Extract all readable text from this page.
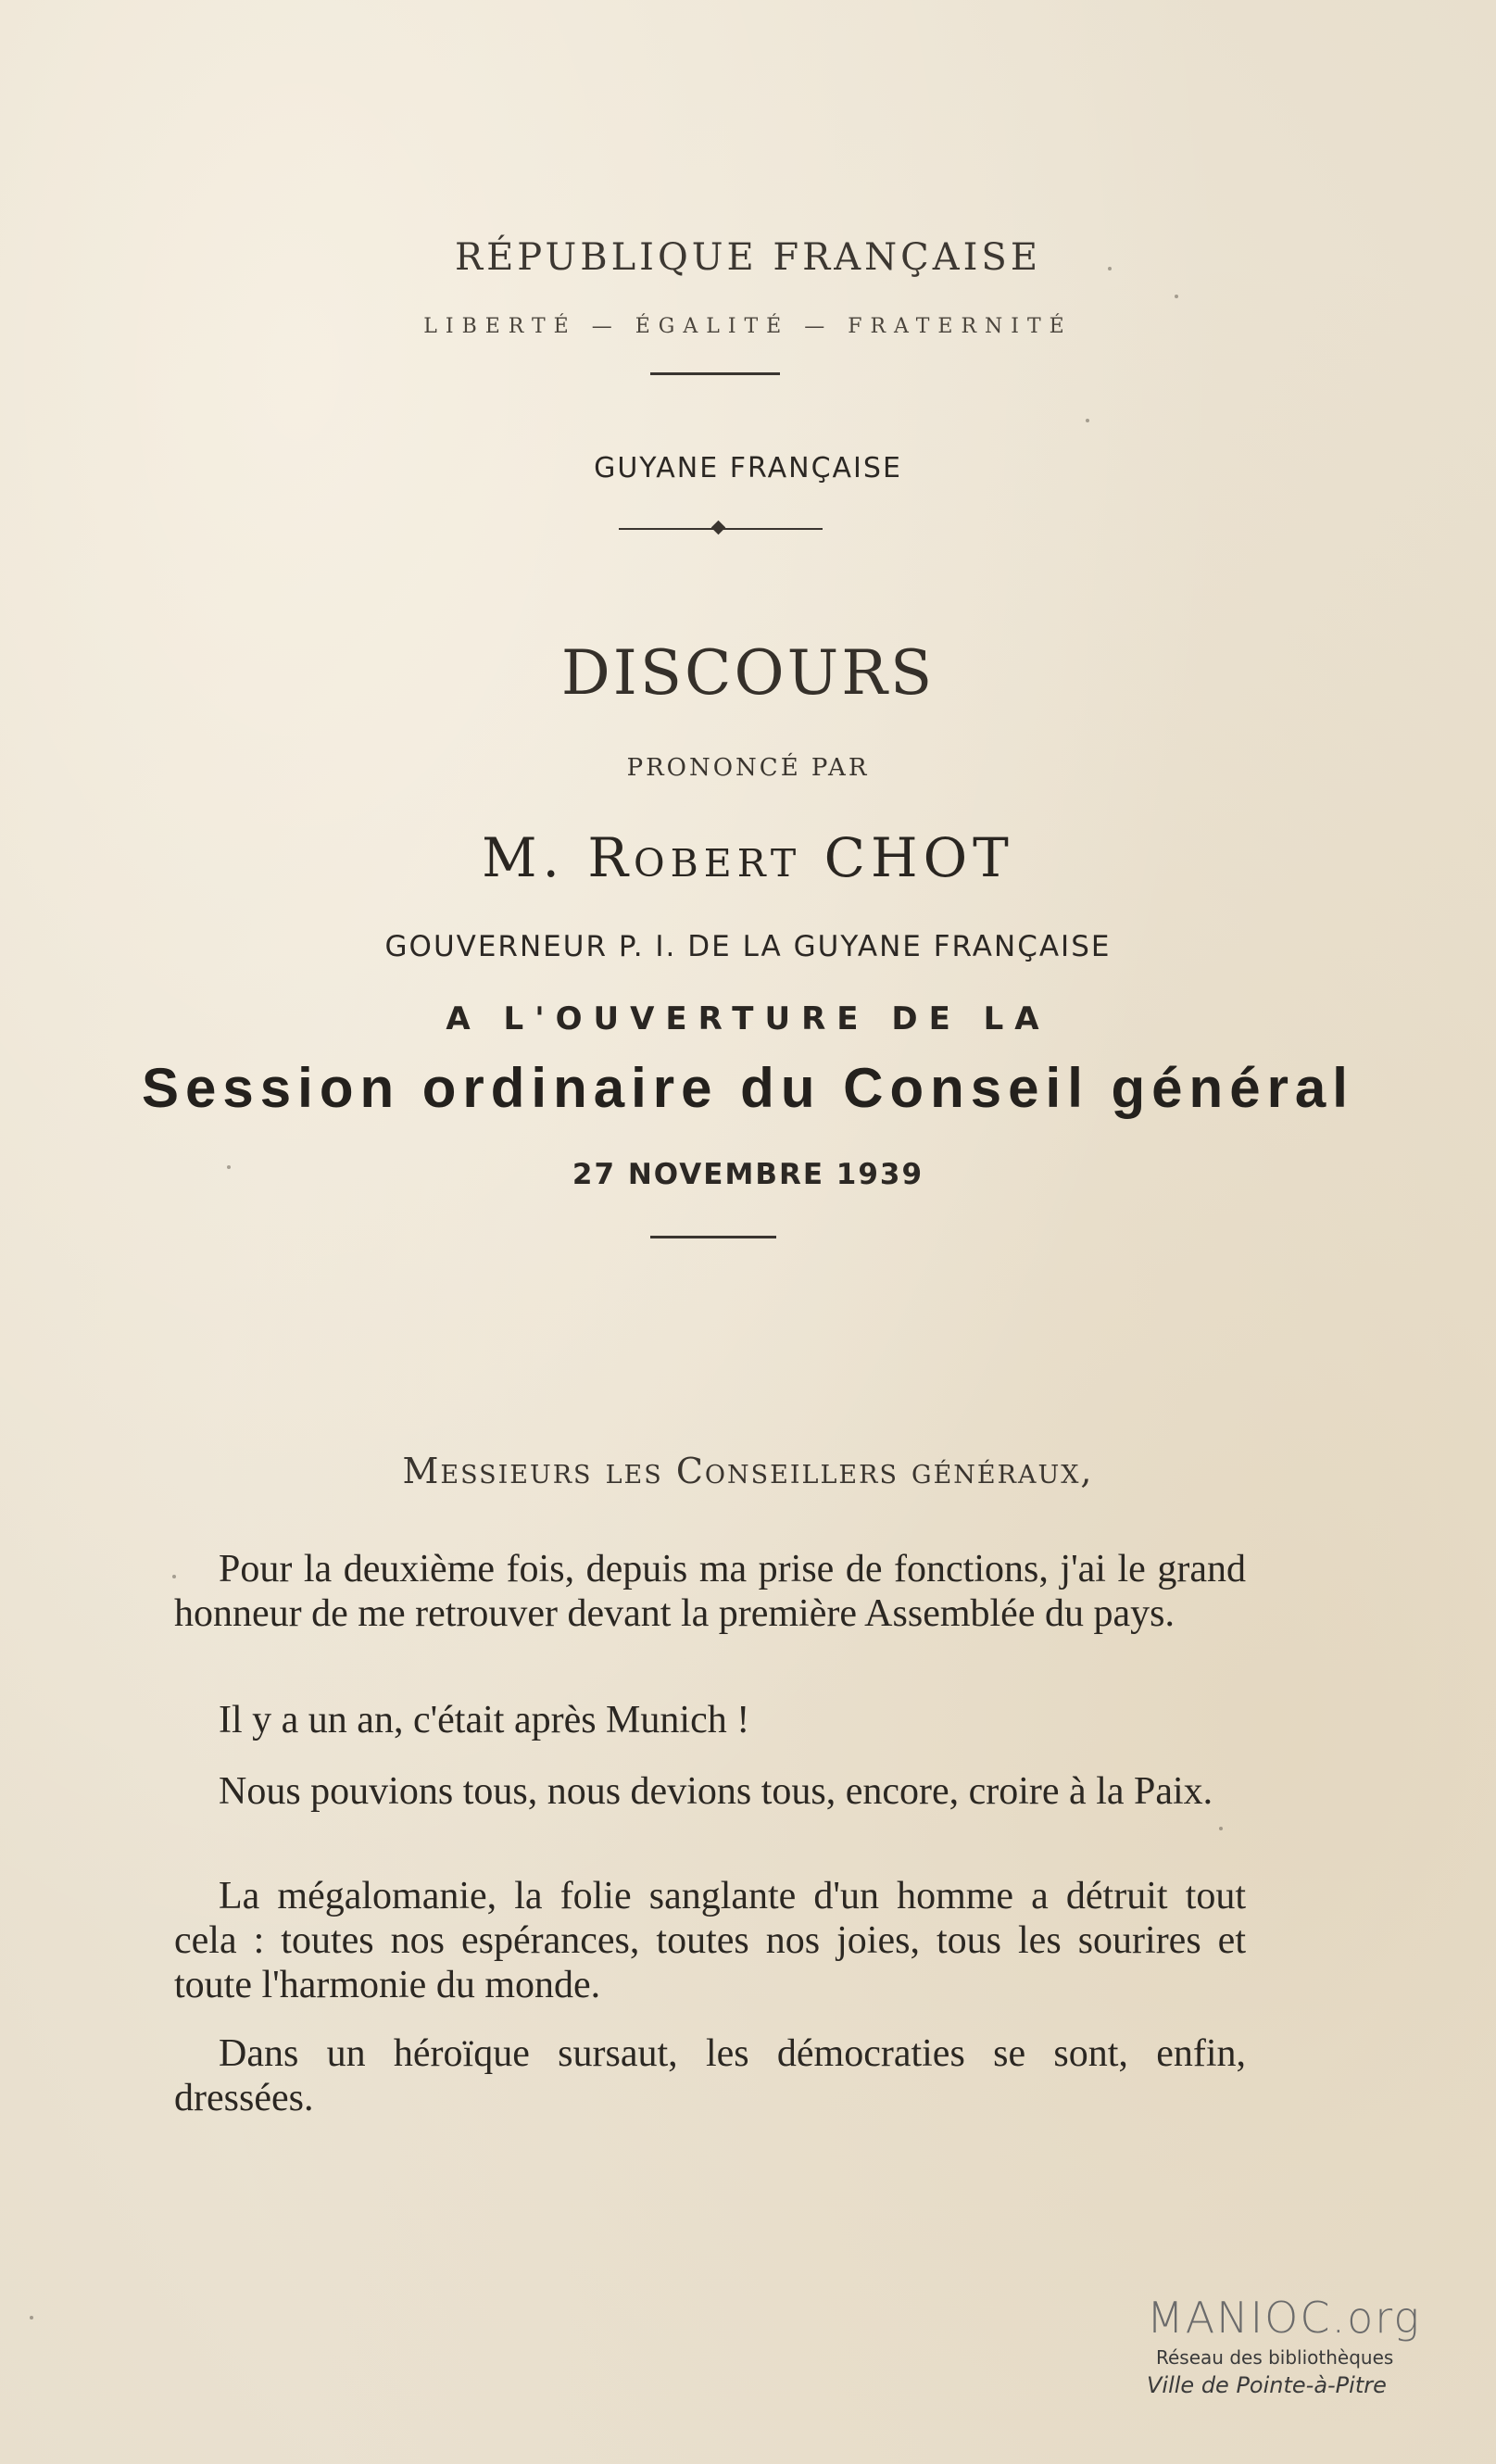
RÉPUBLIQUE FRANÇAISE
LIBERTÉ — ÉGALITÉ — FRATERNITÉ
GUYANE FRANÇAISE
DISCOURS
PRONONCÉ PAR
M. Robert CHOT
GOUVERNEUR P. I. DE LA GUYANE FRANÇAISE
A L'OUVERTURE DE LA
Session ordinaire du Conseil général
27 NOVEMBRE 1939
Messieurs les Conseillers généraux,

Pour la deuxième fois, depuis ma prise de fonctions, j'ai le grand honneur de me retrouver devant la première Assemblée du pays.

Il y a un an, c'était après Munich !

Nous pouvions tous, nous devions tous, encore, croire à la Paix.

La mégalomanie, la folie sanglante d'un homme a détruit tout cela : toutes nos espérances, toutes nos joies, tous les sourires et toute l'harmonie du monde.

Dans un héroïque sursaut, les démocraties se sont, enfin, dressées.

MANIOC.org
Réseau des bibliothèques
Ville de Pointe-à-Pitre
